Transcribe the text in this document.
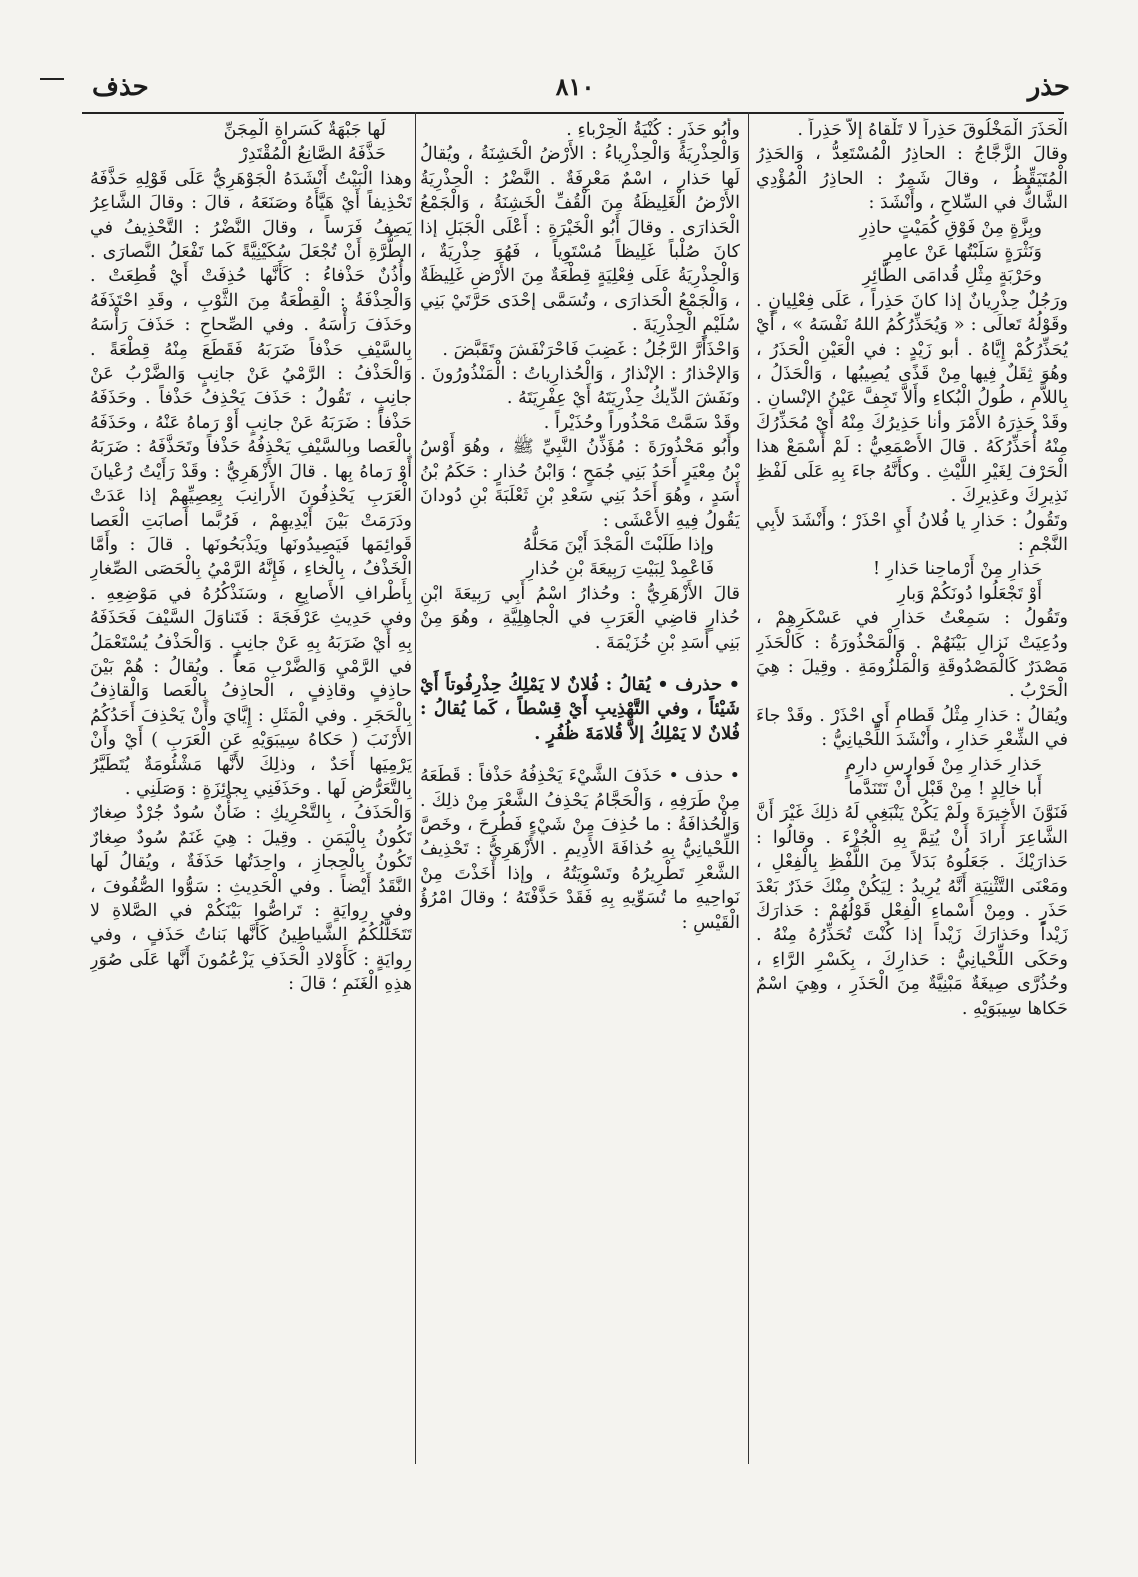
حذر
٨١٠
حذف

الْحَذَرَ الْمَخْلُوقَ حَذِراً لا تَلْقاهُ إلاَّ حَذِراً .

وقالَ الزَّجَّاجُ : الحاذِرُ الْمُسْتَعِدُّ ، وَالحَذِرُ الْمُتَيَقِّظُ ، وقالَ شَمِرٌ : الحاذِرُ الْمُؤْدِي الشَّاكُّ في السِّلاحِ ، وأَنْشَدَ :

وبِزَّةٍ مِنْ فَوْقِ كُمَيْتٍ حاذِرِ

وَنَثْرَةٍ سَلَبْتُها عَنْ عامِرِ

وحَرْبَةٍ مِثْلِ قُدامَى الطَّائِرِ

ورَجُلٌ حِذْرِيانٌ إذا كانَ حَذِراً ، عَلَى فِعْلِيانٍ . وقَوْلُهُ تَعالَى : « وَيُحَذِّرُكُمُ اللهُ نَفْسَهُ » ، أَيْ يُحَذِّرُكُمْ إِيَّاهُ . أبو زَيْدٍ : في الْعَيْنِ الْحَذَرُ ، وهُوَ ثِقَلٌ فِيها مِنْ قَذًى يُصِيبُها ، وَالْحَذَلُ ، بِاللاَّمِ ، طُولُ الْبُكاءِ وأَلاَّ تَجِفَّ عَيْنُ الإنْسانِ . وقَدْ حَذِرَهُ الأَمْرَ وأنا حَذِيرُكَ مِنْهُ أَيْ مُحَذِّرُكَ مِنْهُ أُحَذِّرُكَهُ . قالَ الأَصْمَعِيُّ : لَمْ أَسْمَعْ هذا الْحَرْفَ لِغَيْرِ اللَّيْثِ . وكأَنَّهُ جاءَ بِهِ عَلَى لَفْظِ نَذِيرِكَ وعَذِيرِكَ .

وتَقُولُ : حَذارِ يا فُلانُ أَيِ احْذَرْ ؛ وأَنْشَدَ لأَبِي النَّجْمِ :

حَذارِ مِنْ أَرْماحِنا حَذارِ !

أَوْ تَجْعَلُوا دُونَكُمْ وَبارِ

وتَقُولُ : سَمِعْتُ حَذارِ في عَسْكَرِهِمْ ، ودُعِيَتْ نَزالِ بَيْنَهُمْ . وَالْمَحْذُورَةُ : كَالْحَذَرِ مَصْدَرٌ كَالْمَصْدُوقَةِ وَالْمَلْزُومَةِ . وقِيلَ : هِيَ الْحَرْبُ .

ويُقالُ : حَذارِ مِثْلُ قَطامِ أَيِ احْذَرْ . وقَدْ جاءَ في الشِّعْرِ حَذارِ ، وأَنْشَدَ اللِّحْيانِيُّ :

حَذارِ حَذارِ مِنْ فَوارِسِ دارِمٍ

أَبا خالِدٍ ! مِنْ قَبْلِ أَنْ تَتَنَدَّما

فَنَوَّنَ الأَخِيرَةَ ولَمْ يَكُنْ يَنْبَغِي لَهُ ذلِكَ غَيْرَ أَنَّ الشَّاعِرَ أَرادَ أَنْ يُتِمَّ بِهِ الْجُزْءَ . وقالُوا : حَذارَيْكَ . جَعَلُوهُ بَدَلاً مِنَ اللَّفْظِ بِالْفِعْلِ ، ومَعْنَى التَّثْنِيَةِ أَنَّهُ يُرِيدُ : لِيَكُنْ مِنْكَ حَذَرٌ بَعْدَ حَذَرٍ . ومِنْ أَسْماءِ الْفِعْلِ قَوْلُهُمْ : حَذارَكَ زَيْداً وحَذارَكَ زَيْداً إذا كُنْتَ تُحَذِّرُهُ مِنْهُ . وحَكَى اللِّحْيانِيُّ : حَذارِكَ ، بِكَسْرِ الرَّاءِ ، وحُذُرَّى صِيغَةٌ مَبْنِيَّةٌ مِنَ الْحَذَرِ ، وهِيَ اسْمٌ حَكاها سِيبَوَيْهِ .

وأَبُو حَذَرٍ : كُنْيَةُ الْحِرْباءِ .

وَالْحِذْرِيَةُ وَالْحِذْرِياءُ : الأَرْضُ الْخَشِنَةُ ، ويُقالُ لَها حَذارِ ، اسْمٌ مَعْرِفَةٌ . النَّضْرُ : الْحِذْرِيَةُ الأَرْضُ الْغَلِيظَةُ مِنَ الْقُفِّ الْخَشِنَةُ ، وَالْجَمْعُ الْحَذارَى . وقالَ أَبُو الْخَيْرَةِ : أَعْلَى الْجَبَلِ إذا كانَ صُلْباً غَلِيظاً مُسْتَوِياً ، فَهُوَ حِذْرِيَةٌ ، وَالْحِذْرِيَةُ عَلَى فِعْلِيَةٍ قِطْعَةٌ مِنَ الأَرْضِ غَلِيظَةٌ ، وَالْجَمْعُ الْحَذارَى ، وتُسَمَّى إحْدَى حَرَّتَيْ بَنِي سُلَيْمٍ الْحِذْرِيَةَ .

وَاحْذَأَرَّ الرَّجُلُ : غَضِبَ فَاحْرَنْفَشَ وتَقَبَّضَ .

وَالإحْذارُ : الإنْذارُ ، وَالْحُذارِياتُ : الْمَنْذُورُونَ . ونَفَشَ الدِّيكُ حِذْرِيَتَهُ أَيْ عِفْرِيَتَهُ .

وقَدْ سَمَّتْ مَحْذُوراً وحُذَيْراً .

وأَبُو مَحْذُورَةَ : مُؤَذِّنُ النَّبِيِّ ﷺ ، وهُوَ أَوْسُ بْنُ مِعْيَرٍ أَحَدُ بَنِي جُمَحٍ ؛ وَابْنُ حُذارٍ : حَكَمُ بْنُ أَسَدٍ ، وهُوَ أَحَدُ بَنِي سَعْدِ بْنِ ثَعْلَبَةَ بْنِ دُودانَ يَقُولُ فِيهِ الأَعْشَى :

وإذا طَلَبْتَ الْمَجْدَ أَيْنَ مَحَلُّهُ

فَاعْمِدْ لِبَيْتِ رَبِيعَةَ بْنِ حُذارِ

قالَ الأَزْهَرِيُّ : وحُذارُ اسْمُ أَبِي رَبِيعَةَ ابْنِ حُذارٍ قاضِي الْعَرَبِ في الْجاهِلِيَّةِ ، وهُوَ مِنْ بَنِي أَسَدِ بْنِ خُزَيْمَةَ .

• حذرف • يُقالُ : فُلانٌ لا يَمْلِكُ حِذْرِفُوتاً أَيْ شَيْئاً ، وفي التَّهْذِيبِ أَيْ قِسْطاً ، كَما يُقالُ : فُلانٌ لا يَمْلِكُ إلاَّ قُلامَةَ ظُفُرٍ .

• حذف • حَذَفَ الشَّيْءَ يَحْذِفُهُ حَذْفاً : قَطَعَهُ مِنْ طَرَفِهِ ، وَالْحَجَّامُ يَحْذِفُ الشَّعْرَ مِنْ ذلِكَ . وَالْحُذافَةُ : ما حُذِفَ مِنْ شَيْءٍ فَطُرِحَ ، وخَصَّ اللِّحْيانِيُّ بِهِ حُذافَةَ الأَدِيمِ . الأَزْهَرِيُّ : تَحْذِيفُ الشَّعْرِ تَطْرِيرُهُ وتَسْوِيَتُهُ ، وإذا أَخَذْتَ مِنْ نَواحِيهِ ما تُسَوِّيهِ بِهِ فَقَدْ حَذَّفْتَهُ ؛ وقالَ امْرُؤُ الْقَيْسِ :

لَها جَبْهَةٌ كَسَراةِ الْمِجَنِّ

حَذَّفَهُ الصَّانِعُ الْمُقْتَدِرْ

وهذا الْبَيْتُ أَنْشَدَهُ الْجَوْهَرِيُّ عَلَى قَوْلِهِ حَذَّفَهُ تَحْذِيفاً أَيْ هَيَّأَهُ وصَنَعَهُ ، قالَ : وقالَ الشَّاعِرُ يَصِفُ فَرَساً ، وقالَ النَّضْرُ : التَّحْذِيفُ في الطُّرَّةِ أَنْ تُجْعَلَ سُكَيْنِيَّةً كَما تَفْعَلُ النَّصارَى . وأُذُنٌ حَذْفاءُ : كَأَنَّها حُذِفَتْ أَيْ قُطِعَتْ . وَالْحِذْفَةُ : الْقِطْعَةُ مِنَ الثَّوْبِ ، وقَدِ احْتَذَفَهُ وحَذَفَ رَأْسَهُ . وفي الصِّحاحِ : حَذَفَ رَأْسَهُ بِالسَّيْفِ حَذْفاً ضَرَبَهُ فَقَطَعَ مِنْهُ قِطْعَةً . وَالْحَذْفُ : الرَّمْيُ عَنْ جانِبٍ وَالضَّرْبُ عَنْ جانِبٍ ، تَقُولُ : حَذَفَ يَحْذِفُ حَذْفاً . وحَذَفَهُ حَذْفاً : ضَرَبَهُ عَنْ جانِبٍ أَوْ رَماهُ عَنْهُ ، وحَذَفَهُ بِالْعَصا وبِالسَّيْفِ يَحْذِفُهُ حَذْفاً وتَحَذَّفَهُ : ضَرَبَهُ أَوْ رَماهُ بِها . قالَ الأَزْهَرِيُّ : وقَدْ رَأَيْتُ رُعْيانَ الْعَرَبِ يَحْذِفُونَ الأَرانِبَ بِعِصِيِّهِمْ إذا عَدَتْ ودَرَمَتْ بَيْنَ أَيْدِيهِمْ ، فَرُبَّما أَصابَتِ الْعَصا قَوائِمَها فَيَصِيدُونَها ويَذْبَحُونَها . قالَ : وأَمَّا الْخَذْفُ ، بِالْخاءِ ، فَإِنَّهُ الرَّمْيُ بِالْحَصَى الصِّغارِ بِأَطْرافِ الأَصابِعِ ، وسَنَذْكُرُهُ في مَوْضِعِهِ . وفي حَدِيثِ عَرْفَجَةَ : فَتَناوَلَ السَّيْفَ فَحَذَفَهُ بِهِ أَيْ ضَرَبَهُ بِهِ عَنْ جانِبٍ . وَالْحَذْفُ يُسْتَعْمَلُ في الرَّمْيِ وَالضَّرْبِ مَعاً . ويُقالُ : هُمْ بَيْنَ حاذِفٍ وقاذِفٍ ، الْحاذِفُ بِالْعَصا وَالْقاذِفُ بِالْحَجَرِ . وفي الْمَثَلِ : إِيَّايَ وأَنْ يَحْذِفَ أَحَدُكُمُ الأَرْنَبَ ( حَكاهُ سِيبَوَيْهِ عَنِ الْعَرَبِ ) أَيْ وأَنْ يَرْمِيَها أَحَدٌ ، وذلِكَ لأَنَّها مَشْئُومَةٌ يُتَطَيَّرُ بِالتَّعَرُّضِ لَها . وحَذَفَنِي بِجائِزَةٍ : وَصَلَنِي .

وَالْحَذَفُ ، بِالتَّحْرِيكِ : ضَأْنٌ سُودٌ جُرْدٌ صِغارٌ تَكُونُ بِالْيَمَنِ . وقِيلَ : هِيَ غَنَمٌ سُودٌ صِغارٌ تَكُونُ بِالْحِجازِ ، واحِدَتُها حَذَفَةٌ ، ويُقالُ لَها النَّقَدُ أَيْضاً . وفي الْحَدِيثِ : سَوُّوا الصُّفُوفَ ، وفي رِوايَةٍ : تَراصُّوا بَيْنَكُمْ في الصَّلاةِ لا تَتَخَلَّلُكُمُ الشَّياطِينُ كَأَنَّها بَناتُ حَذَفٍ ، وفي رِوايَةٍ : كَأَوْلادِ الْحَذَفِ يَزْعُمُونَ أَنَّها عَلَى صُوَرِ هذِهِ الْغَنَمِ ؛ قالَ :
